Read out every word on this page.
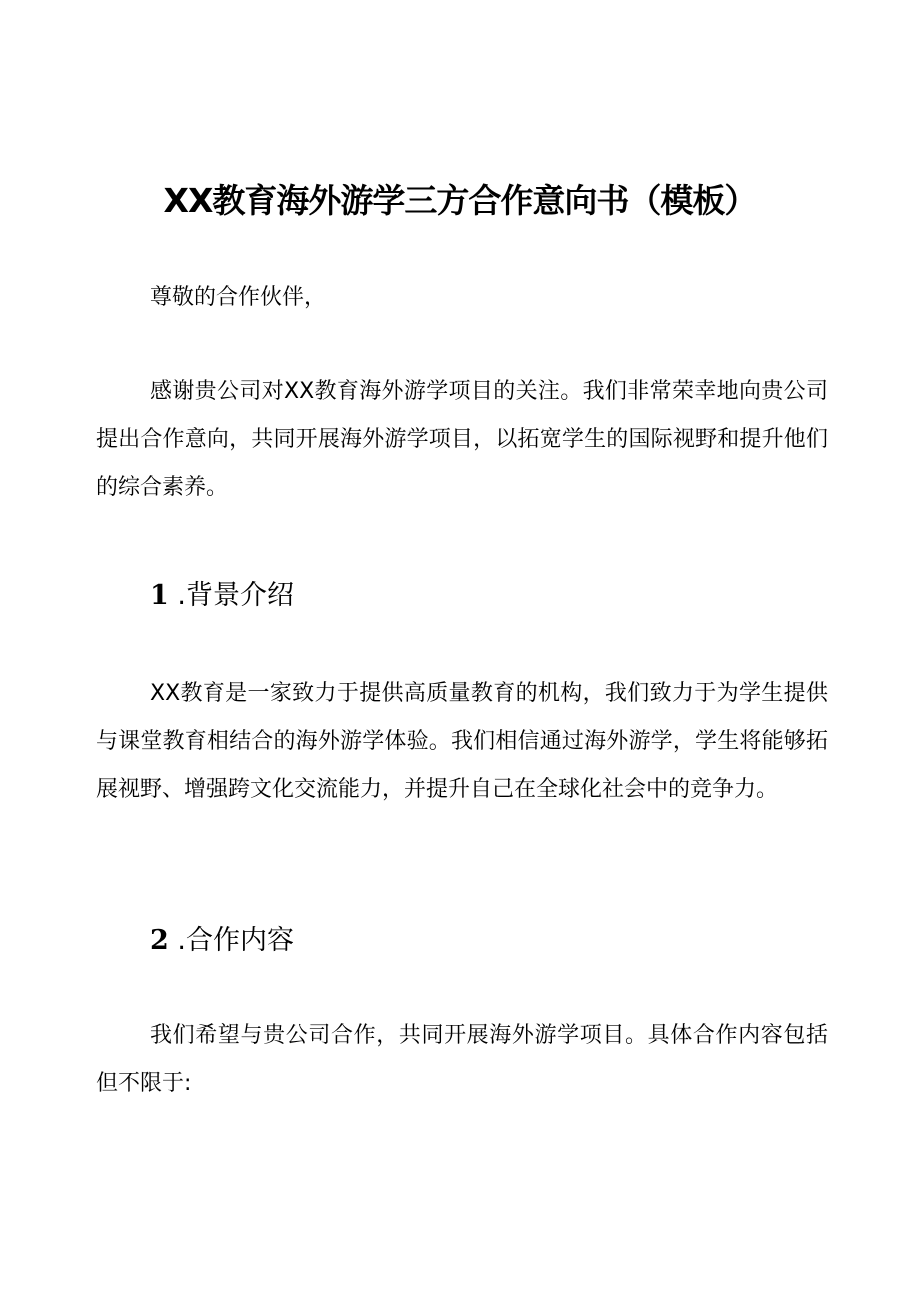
XX教育海外游学三方合作意向书（模板）

尊敬的合作伙伴，

感谢贵公司对XX教育海外游学项目的关注。我们非常荣幸地向贵公司提出合作意向，共同开展海外游学项目，以拓宽学生的国际视野和提升他们的综合素养。

1 .背景介绍

XX教育是一家致力于提供高质量教育的机构，我们致力于为学生提供与课堂教育相结合的海外游学体验。我们相信通过海外游学，学生将能够拓展视野、增强跨文化交流能力，并提升自己在全球化社会中的竞争力。

2 .合作内容

我们希望与贵公司合作，共同开展海外游学项目。具体合作内容包括但不限于:
